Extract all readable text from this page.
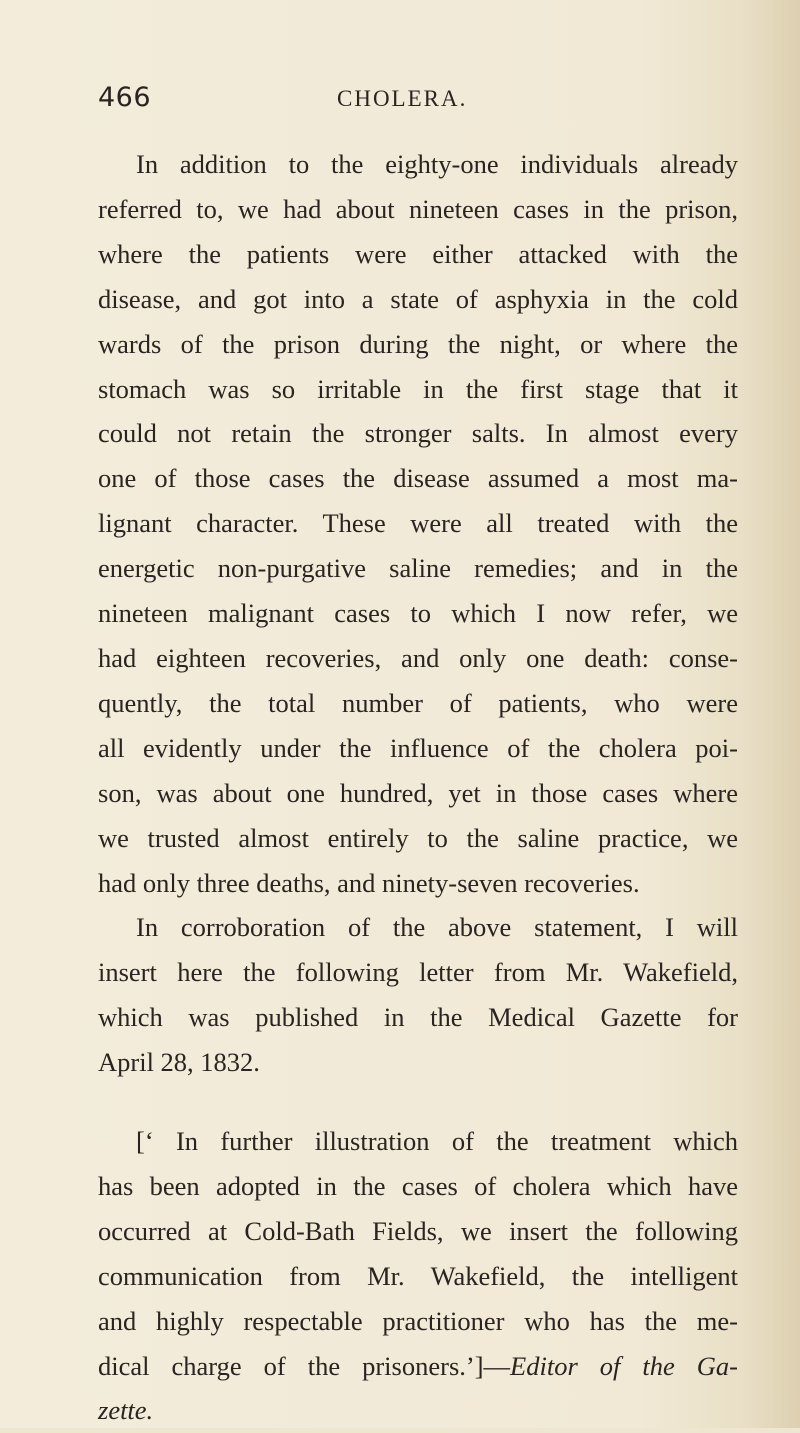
466	CHOLERA.
In addition to the eighty-one individuals already
referred to, we had about nineteen cases in the prison,
where the patients were either attacked with the
disease, and got into a state of asphyxia in the cold
wards of the prison during the night, or where the
stomach was so irritable in the first stage that it
could not retain the stronger salts. In almost every
one of those cases the disease assumed a most ma-
lignant character. These were all treated with the
energetic non-purgative saline remedies; and in the
nineteen malignant cases to which I now refer, we
had eighteen recoveries, and only one death: conse-
quently, the total number of patients, who were
all evidently under the influence of the cholera poi-
son, was about one hundred, yet in those cases where
we trusted almost entirely to the saline practice, we
had only three deaths, and ninety-seven recoveries.
In corroboration of the above statement, I will
insert here the following letter from Mr. Wakefield,
which was published in the Medical Gazette for
April 28, 1832.
[‘ In further illustration of the treatment which
has been adopted in the cases of cholera which have
occurred at Cold-Bath Fields, we insert the following
communication from Mr. Wakefield, the intelligent
and highly respectable practitioner who has the me-
dical charge of the prisoners.’]—Editor of the Ga-
zette.
